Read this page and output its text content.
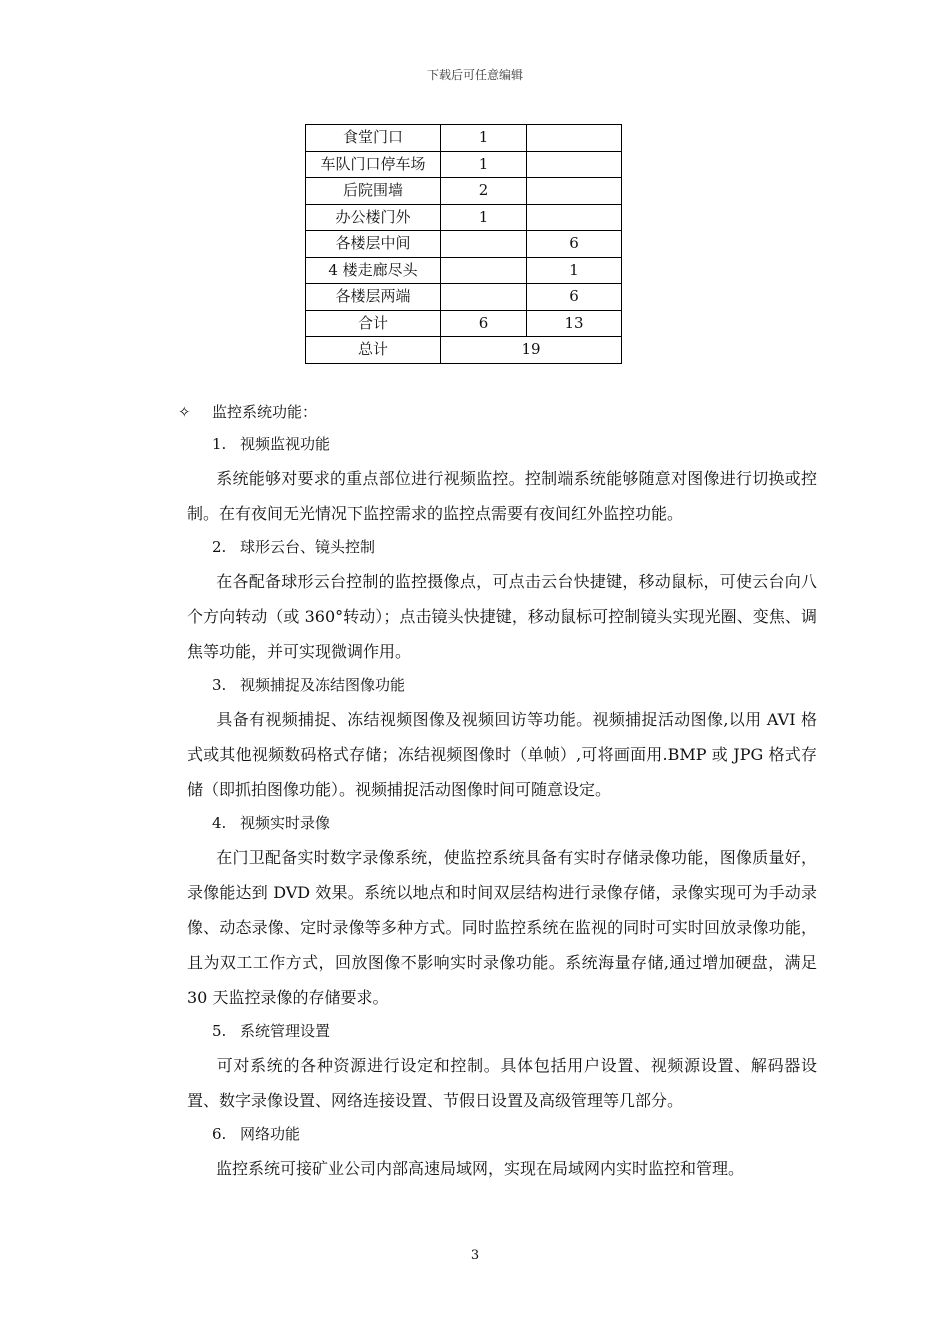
下载后可任意编辑
食堂门口	1	
车队门口停车场	1	
后院围墙	2	
办公楼门外	1	
各楼层中间		6
4 楼走廊尽头		1
各楼层两端		6
合计	6	13
总计	19	
✧ 监控系统功能：
1. 视频监视功能
系统能够对要求的重点部位进行视频监控。控制端系统能够随意对图像进行切换或控制。在有夜间无光情况下监控需求的监控点需要有夜间红外监控功能。
2. 球形云台、镜头控制
在各配备球形云台控制的监控摄像点，可点击云台快捷键，移动鼠标，可使云台向八个方向转动（或 360°转动）；点击镜头快捷键，移动鼠标可控制镜头实现光圈、变焦、调焦等功能，并可实现微调作用。
3. 视频捕捉及冻结图像功能
具备有视频捕捉、冻结视频图像及视频回访等功能。视频捕捉活动图像,以用 AVI 格式或其他视频数码格式存储；冻结视频图像时（单帧）,可将画面用.BMP 或 JPG 格式存储（即抓拍图像功能）。视频捕捉活动图像时间可随意设定。
4. 视频实时录像
在门卫配备实时数字录像系统，使监控系统具备有实时存储录像功能，图像质量好，录像能达到 DVD 效果。系统以地点和时间双层结构进行录像存储，录像实现可为手动录像、动态录像、定时录像等多种方式。同时监控系统在监视的同时可实时回放录像功能，且为双工工作方式，回放图像不影响实时录像功能。系统海量存储,通过增加硬盘，满足 30 天监控录像的存储要求。
5. 系统管理设置
可对系统的各种资源进行设定和控制。具体包括用户设置、视频源设置、解码器设置、数字录像设置、网络连接设置、节假日设置及高级管理等几部分。
6. 网络功能
监控系统可接矿业公司内部高速局域网，实现在局域网内实时监控和管理。
3
